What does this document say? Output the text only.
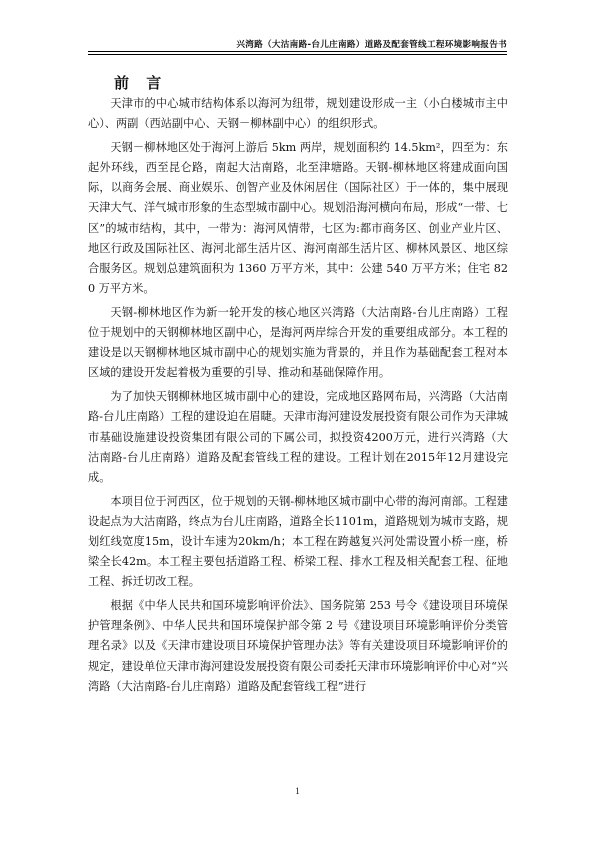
兴湾路（大沽南路-台儿庄南路）道路及配套管线工程环境影响报告书
前 言

天津市的中心城市结构体系以海河为纽带，规划建设形成一主（小白楼城市主中心）、两副（西站副中心、天钢－柳林副中心）的组织形式。

天钢－柳林地区处于海河上游后 5km 两岸，规划面积约 14.5km²，四至为：东起外环线，西至昆仑路，南起大沽南路，北至津塘路。天钢-柳林地区将建成面向国际，以商务会展、商业娱乐、创智产业及休闲居住（国际社区）于一体的，集中展现天津大气、洋气城市形象的生态型城市副中心。规划沿海河横向布局，形成“一带、七区”的城市结构，其中，一带为：海河风情带，七区为:都市商务区、创业产业片区、地区行政及国际社区、海河北部生活片区、海河南部生活片区、柳林风景区、地区综合服务区。规划总建筑面积为 1360 万平方米，其中：公建 540 万平方米；住宅 820 万平方米。

天钢-柳林地区作为新一轮开发的核心地区兴湾路（大沽南路-台儿庄南路）工程位于规划中的天钢柳林地区副中心，是海河两岸综合开发的重要组成部分。本工程的建设是以天钢柳林地区城市副中心的规划实施为背景的，并且作为基础配套工程对本区域的建设开发起着极为重要的引导、推动和基础保障作用。

为了加快天钢柳林地区城市副中心的建设，完成地区路网布局，兴湾路（大沽南路-台儿庄南路）工程的建设迫在眉睫。天津市海河建设发展投资有限公司作为天津城市基础设施建设投资集团有限公司的下属公司，拟投资4200万元，进行兴湾路（大沽南路-台儿庄南路）道路及配套管线工程的建设。工程计划在2015年12月建设完成。

本项目位于河西区，位于规划的天钢-柳林地区城市副中心带的海河南部。工程建设起点为大沽南路，终点为台儿庄南路，道路全长1101m，道路规划为城市支路，规划红线宽度15m，设计车速为20km/h；本工程在跨越复兴河处需设置小桥一座，桥梁全长42m。本工程主要包括道路工程、桥梁工程、排水工程及相关配套工程、征地工程、拆迁切改工程。

根据《中华人民共和国环境影响评价法》、国务院第 253 号令《建设项目环境保护管理条例》、中华人民共和国环境保护部令第 2 号《建设项目环境影响评价分类管理名录》以及《天津市建设项目环境保护管理办法》等有关建设项目环境影响评价的规定，建设单位天津市海河建设发展投资有限公司委托天津市环境影响评价中心对“兴湾路（大沽南路-台儿庄南路）道路及配套管线工程”进行

1
